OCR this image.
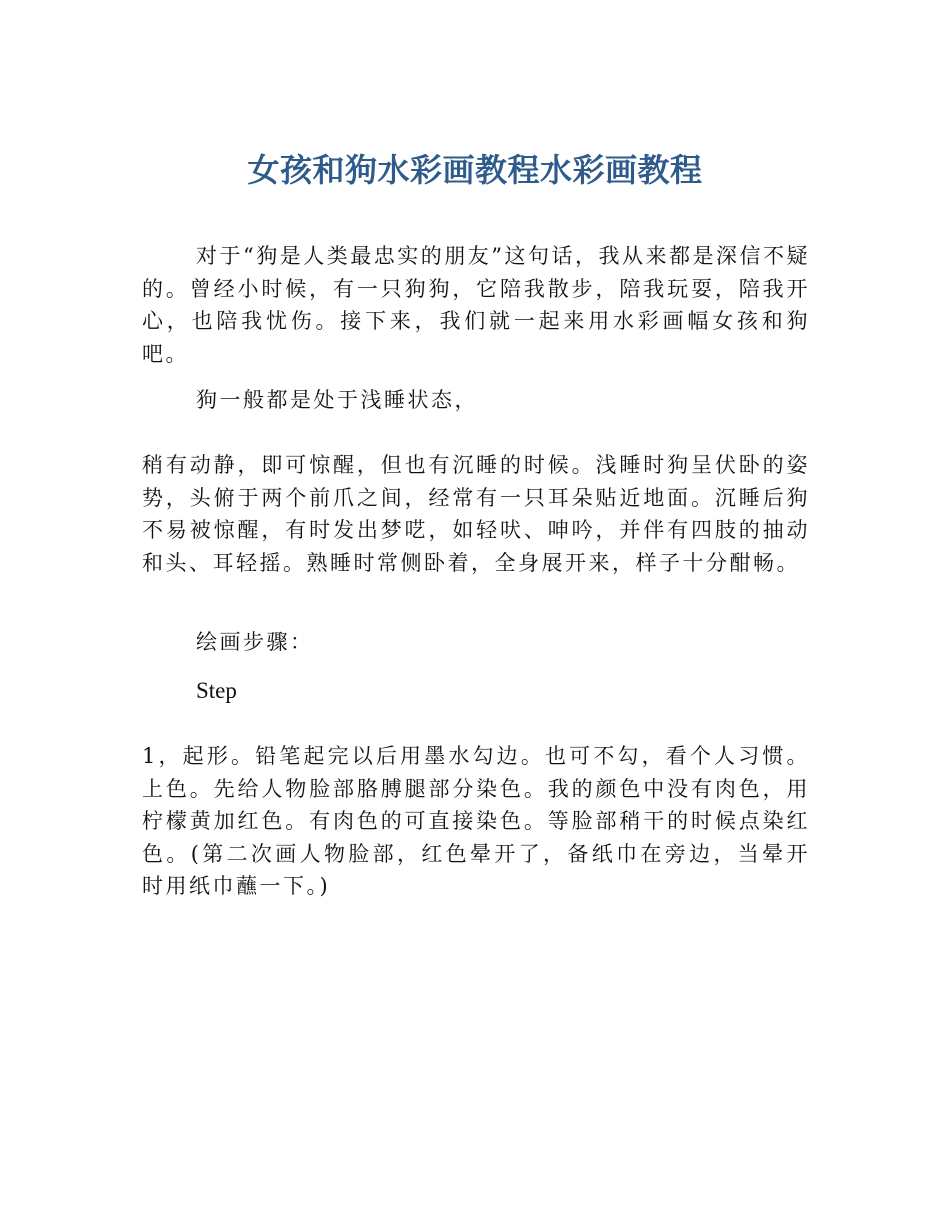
女孩和狗水彩画教程水彩画教程

对于“狗是人类最忠实的朋友”这句话，我从来都是深信不疑的。曾经小时候，有一只狗狗，它陪我散步，陪我玩耍，陪我开心，也陪我忧伤。接下来，我们就一起来用水彩画幅女孩和狗吧。

狗一般都是处于浅睡状态，

稍有动静，即可惊醒，但也有沉睡的时候。浅睡时狗呈伏卧的姿势，头俯于两个前爪之间，经常有一只耳朵贴近地面。沉睡后狗不易被惊醒，有时发出梦呓，如轻吠、呻吟，并伴有四肢的抽动和头、耳轻摇。熟睡时常侧卧着，全身展开来，样子十分酣畅。

绘画步骤：

Step

1，起形。铅笔起完以后用墨水勾边。也可不勾，看个人习惯。上色。先给人物脸部胳膊腿部分染色。我的颜色中没有肉色，用柠檬黄加红色。有肉色的可直接染色。等脸部稍干的时候点染红色。(第二次画人物脸部，红色晕开了，备纸巾在旁边，当晕开时用纸巾蘸一下。)
